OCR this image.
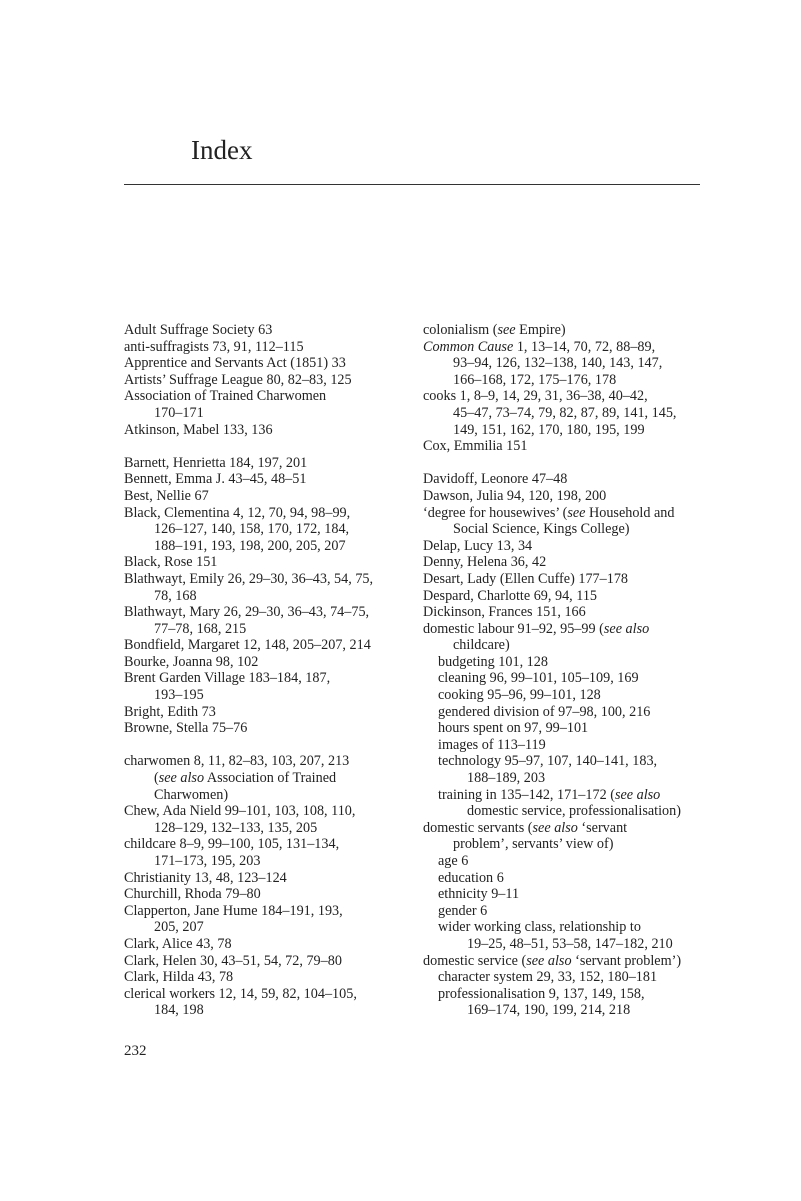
Index
Adult Suffrage Society 63
anti-suffragists 73, 91, 112–115
Apprentice and Servants Act (1851) 33
Artists’ Suffrage League 80, 82–83, 125
Association of Trained Charwomen
170–171
Atkinson, Mabel 133, 136
Barnett, Henrietta 184, 197, 201
Bennett, Emma J. 43–45, 48–51
Best, Nellie 67
Black, Clementina 4, 12, 70, 94, 98–99,
126–127, 140, 158, 170, 172, 184,
188–191, 193, 198, 200, 205, 207
Black, Rose 151
Blathwayt, Emily 26, 29–30, 36–43, 54, 75,
78, 168
Blathwayt, Mary 26, 29–30, 36–43, 74–75,
77–78, 168, 215
Bondfield, Margaret 12, 148, 205–207, 214
Bourke, Joanna 98, 102
Brent Garden Village 183–184, 187,
193–195
Bright, Edith 73
Browne, Stella 75–76
charwomen 8, 11, 82–83, 103, 207, 213
(see also Association of Trained
Charwomen)
Chew, Ada Nield 99–101, 103, 108, 110,
128–129, 132–133, 135, 205
childcare 8–9, 99–100, 105, 131–134,
171–173, 195, 203
Christianity 13, 48, 123–124
Churchill, Rhoda 79–80
Clapperton, Jane Hume 184–191, 193,
205, 207
Clark, Alice 43, 78
Clark, Helen 30, 43–51, 54, 72, 79–80
Clark, Hilda 43, 78
clerical workers 12, 14, 59, 82, 104–105,
184, 198
colonialism (see Empire)
Common Cause 1, 13–14, 70, 72, 88–89,
93–94, 126, 132–138, 140, 143, 147,
166–168, 172, 175–176, 178
cooks 1, 8–9, 14, 29, 31, 36–38, 40–42,
45–47, 73–74, 79, 82, 87, 89, 141, 145,
149, 151, 162, 170, 180, 195, 199
Cox, Emmilia 151
Davidoff, Leonore 47–48
Dawson, Julia 94, 120, 198, 200
‘degree for housewives’ (see Household and
Social Science, Kings College)
Delap, Lucy 13, 34
Denny, Helena 36, 42
Desart, Lady (Ellen Cuffe) 177–178
Despard, Charlotte 69, 94, 115
Dickinson, Frances 151, 166
domestic labour 91–92, 95–99 (see also
childcare)
budgeting 101, 128
cleaning 96, 99–101, 105–109, 169
cooking 95–96, 99–101, 128
gendered division of 97–98, 100, 216
hours spent on 97, 99–101
images of 113–119
technology 95–97, 107, 140–141, 183,
188–189, 203
training in 135–142, 171–172 (see also
domestic service, professionalisation)
domestic servants (see also ‘servant
problem’, servants’ view of)
age 6
education 6
ethnicity 9–11
gender 6
wider working class, relationship to
19–25, 48–51, 53–58, 147–182, 210
domestic service (see also ‘servant problem’)
character system 29, 33, 152, 180–181
professionalisation 9, 137, 149, 158,
169–174, 190, 199, 214, 218
232
